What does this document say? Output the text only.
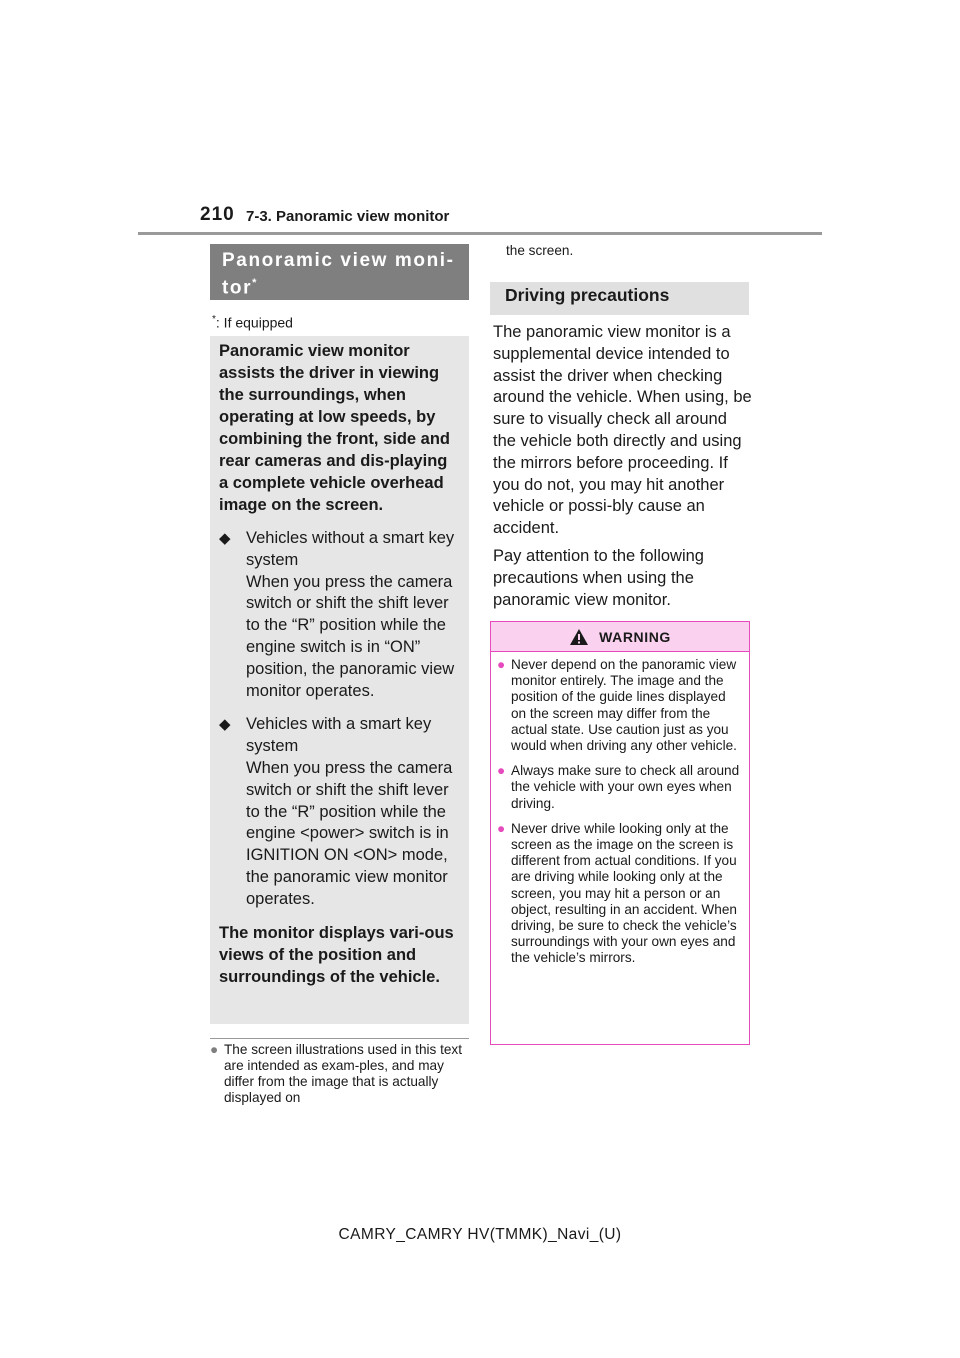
210 7-3. Panoramic view monitor
Panoramic view moni-tor*
*: If equipped

Panoramic view monitor assists the driver in viewing the surroundings, when operating at low speeds, by combining the front, side and rear cameras and dis-playing a complete vehicle overhead image on the screen.

◆ Vehicles without a smart key system
When you press the camera switch or shift the shift lever to the “R” position while the engine switch is in “ON” position, the panoramic view monitor operates.
◆ Vehicles with a smart key system
When you press the camera switch or shift the shift lever to the “R” position while the engine <power> switch is in IGNITION ON <ON> mode, the panoramic view monitor operates.

The monitor displays vari-ous views of the position and surroundings of the vehicle.

● The screen illustrations used in this text are intended as exam-ples, and may differ from the image that is actually displayed on
the screen.
Driving precautions
The panoramic view monitor is a supplemental device intended to assist the driver when checking around the vehicle. When using, be sure to visually check all around the vehicle both directly and using the mirrors before proceeding. If you do not, you may hit another vehicle or possi-bly cause an accident.
Pay attention to the following precautions when using the panoramic view monitor.
WARNING
● Never depend on the panoramic view monitor entirely. The image and the position of the guide lines displayed on the screen may differ from the actual state. Use caution just as you would when driving any other vehicle.
● Always make sure to check all around the vehicle with your own eyes when driving.
● Never drive while looking only at the screen as the image on the screen is different from actual conditions. If you are driving while looking only at the screen, you may hit a person or an object, resulting in an accident. When driving, be sure to check the vehicle’s surroundings with your own eyes and the vehicle’s mirrors.
CAMRY_CAMRY HV(TMMK)_Navi_(U)
